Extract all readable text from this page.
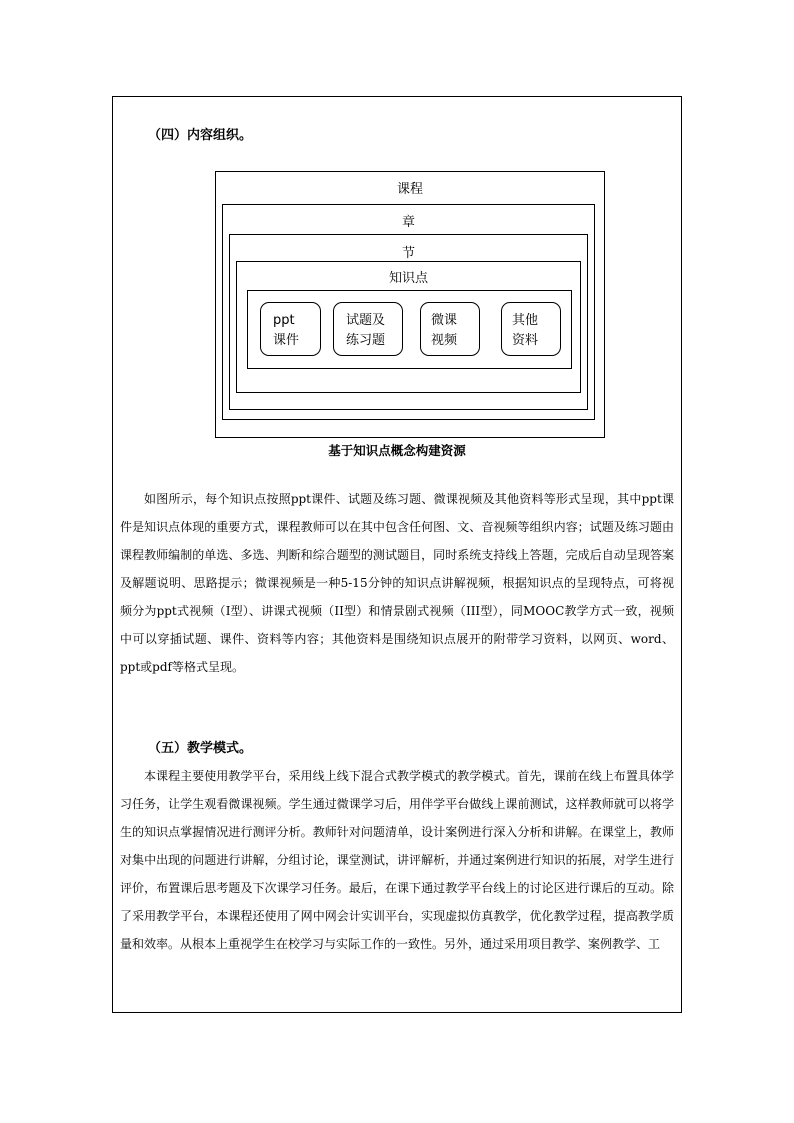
（四）内容组织。
课程
章
节
知识点
ppt
课件
试题及
练习题
微课
视频
其他
资料
基于知识点概念构建资源
如图所示，每个知识点按照ppt课件、试题及练习题、微课视频及其他资料等形式呈现，其中ppt课件是知识点体现的重要方式，课程教师可以在其中包含任何图、文、音视频等组织内容；试题及练习题由课程教师编制的单选、多选、判断和综合题型的测试题目，同时系统支持线上答题，完成后自动呈现答案及解题说明、思路提示；微课视频是一种5-15分钟的知识点讲解视频，根据知识点的呈现特点，可将视频分为ppt式视频（I型）、讲课式视频（II型）和情景剧式视频（III型），同MOOC教学方式一致，视频中可以穿插试题、课件、资料等内容；其他资料是围绕知识点展开的附带学习资料，以网页、word、ppt或pdf等格式呈现。
（五）教学模式。
本课程主要使用教学平台，采用线上线下混合式教学模式的教学模式。首先，课前在线上布置具体学习任务，让学生观看微课视频。学生通过微课学习后，用伴学平台做线上课前测试，这样教师就可以将学生的知识点掌握情况进行测评分析。教师针对问题清单，设计案例进行深入分析和讲解。在课堂上，教师对集中出现的问题进行讲解，分组讨论，课堂测试，讲评解析，并通过案例进行知识的拓展，对学生进行评价，布置课后思考题及下次课学习任务。最后，在课下通过教学平台线上的讨论区进行课后的互动。除了采用教学平台，本课程还使用了网中网会计实训平台，实现虚拟仿真教学，优化教学过程，提高教学质量和效率。从根本上重视学生在校学习与实际工作的一致性。另外，通过采用项目教学、案例教学、工
